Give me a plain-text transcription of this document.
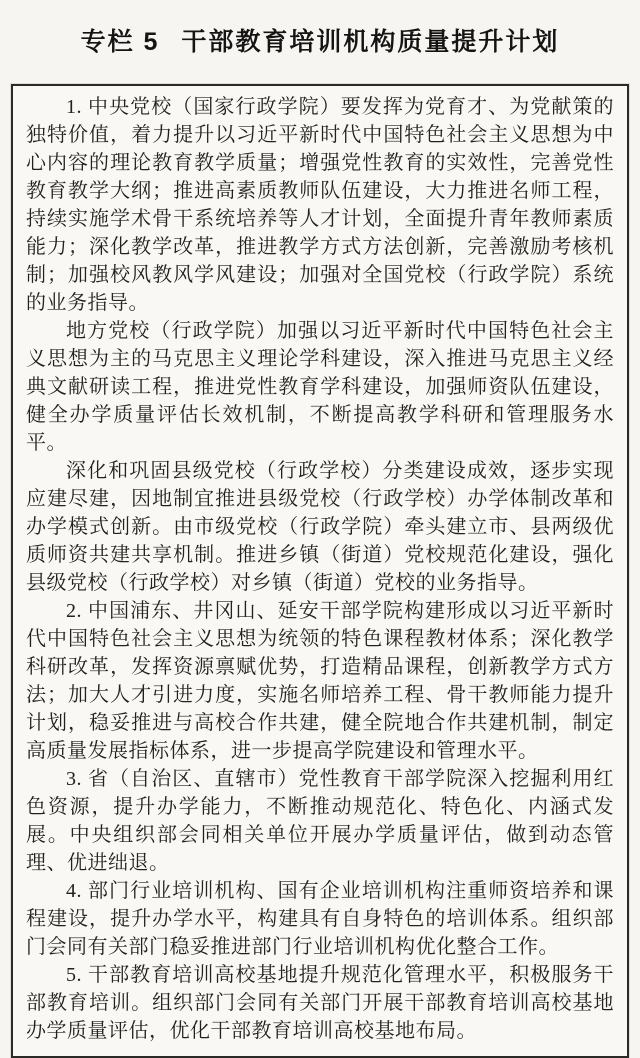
专栏 5 干部教育培训机构质量提升计划

1. 中央党校（国家行政学院）要发挥为党育才、为党献策的独特价值，着力提升以习近平新时代中国特色社会主义思想为中心内容的理论教育教学质量；增强党性教育的实效性，完善党性教育教学大纲；推进高素质教师队伍建设，大力推进名师工程，持续实施学术骨干系统培养等人才计划，全面提升青年教师素质能力；深化教学改革，推进教学方式方法创新，完善激励考核机制；加强校风教风学风建设；加强对全国党校（行政学院）系统的业务指导。

地方党校（行政学院）加强以习近平新时代中国特色社会主义思想为主的马克思主义理论学科建设，深入推进马克思主义经典文献研读工程，推进党性教育学科建设，加强师资队伍建设，健全办学质量评估长效机制，不断提高教学科研和管理服务水平。

深化和巩固县级党校（行政学校）分类建设成效，逐步实现应建尽建，因地制宜推进县级党校（行政学校）办学体制改革和办学模式创新。由市级党校（行政学院）牵头建立市、县两级优质师资共建共享机制。推进乡镇（街道）党校规范化建设，强化县级党校（行政学校）对乡镇（街道）党校的业务指导。

2. 中国浦东、井冈山、延安干部学院构建形成以习近平新时代中国特色社会主义思想为统领的特色课程教材体系；深化教学科研改革，发挥资源禀赋优势，打造精品课程，创新教学方式方法；加大人才引进力度，实施名师培养工程、骨干教师能力提升计划，稳妥推进与高校合作共建，健全院地合作共建机制，制定高质量发展指标体系，进一步提高学院建设和管理水平。

3. 省（自治区、直辖市）党性教育干部学院深入挖掘利用红色资源，提升办学能力，不断推动规范化、特色化、内涵式发展。中央组织部会同相关单位开展办学质量评估，做到动态管理、优进绌退。

4. 部门行业培训机构、国有企业培训机构注重师资培养和课程建设，提升办学水平，构建具有自身特色的培训体系。组织部门会同有关部门稳妥推进部门行业培训机构优化整合工作。

5. 干部教育培训高校基地提升规范化管理水平，积极服务干部教育培训。组织部门会同有关部门开展干部教育培训高校基地办学质量评估，优化干部教育培训高校基地布局。
